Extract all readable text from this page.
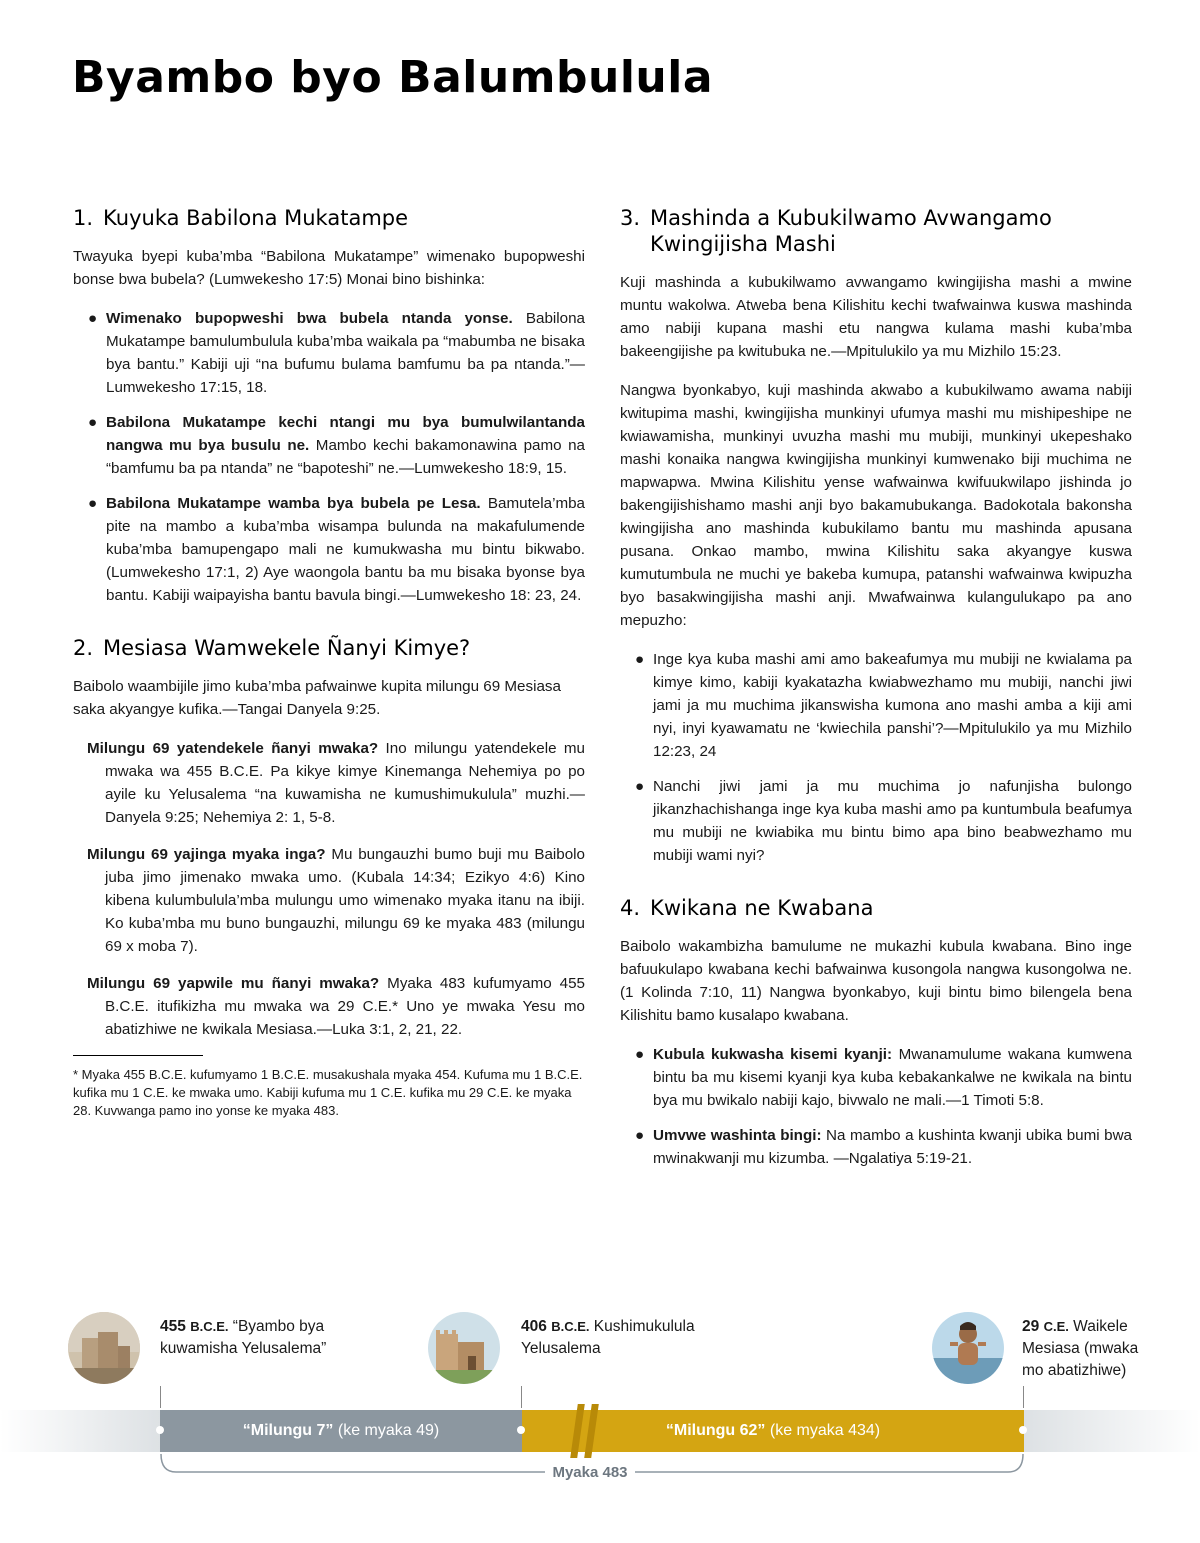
Byambo byo Balumbulula
1. Kuyuka Babilona Mukatampe

Twayuka byepi kuba’mba “Babilona Mukatampe” wimenako bupopweshi bonse bwa bubela? (Lumwekesho 17:5) Monai bino bishinka:

● Wimenako bupopweshi bwa bubela ntanda yonse. Babilona Mukatampe bamulumbulula kuba’mba waikala pa “mabumba ne bisaka bya bantu.” Kabiji uji “na bufumu bulama bamfumu ba pa ntanda.”—Lumwekesho 17:15, 18.
● Babilona Mukatampe kechi ntangi mu bya bumulwilantanda nangwa mu bya busulu ne. Mambo kechi bakamonawina pamo na “bamfumu ba pa ntanda” ne “bapoteshi” ne.—Lumwekesho 18:9, 15.
● Babilona Mukatampe wamba bya bubela pe Lesa. Bamutela’mba pite na mambo a kuba’mba wisampa bulunda na makafulumende kuba’mba bamupengapo mali ne kumukwasha mu bintu bikwabo. (Lumwekesho 17:1, 2) Aye waongola bantu ba mu bisaka byonse bya bantu. Kabiji waipayisha bantu bavula bingi.—Lumwekesho 18: 23, 24.
2. Mesiasa Wamwekele Ñanyi Kimye?

Baibolo waambijile jimo kuba’mba pafwainwe kupita milungu 69 Mesiasa saka akyangye kufika.—Tangai Danyela 9:25.

Milungu 69 yatendekele ñanyi mwaka? Ino milungu yatendekele mu mwaka wa 455 B.C.E. Pa kikye kimye Kinemanga Nehemiya po po ayile ku Yelusalema “na kuwamisha ne kumushimukulula” muzhi.—Danyela 9:25; Nehemiya 2: 1, 5-8.

Milungu 69 yajinga myaka inga? Mu bungauzhi bumo buji mu Baibolo juba jimo jimenako mwaka umo. (Kubala 14:34; Ezikyo 4:6) Kino kibena kulumbulula’mba mulungu umo wimenako myaka itanu na ibiji. Ko kuba’mba mu buno bungauzhi, milungu 69 ke myaka 483 (milungu 69 x moba 7).

Milungu 69 yapwile mu ñanyi mwaka? Myaka 483 kufumyamo 455 B.C.E. itufikizha mu mwaka wa 29 C.E.* Uno ye mwaka Yesu mo abatizhiwe ne kwikala Mesiasa.—Luka 3:1, 2, 21, 22.

* Myaka 455 B.C.E. kufumyamo 1 B.C.E. musakushala myaka 454. Kufuma mu 1 B.C.E. kufika mu 1 C.E. ke mwaka umo. Kabiji kufuma mu 1 C.E. kufika mu 29 C.E. ke myaka 28. Kuvwanga pamo ino yonse ke myaka 483.

3. Mashinda a Kubukilwamo Avwangamo Kwingijisha Mashi

Kuji mashinda a kubukilwamo avwangamo kwingijisha mashi a mwine muntu wakolwa. Atweba bena Kilishitu kechi twafwainwa kuswa mashinda amo nabiji kupana mashi etu nangwa kulama mashi kuba’mba bakeengijishe pa kwitubuka ne.—Mpitulukilo ya mu Mizhilo 15:23.

Nangwa byonkabyo, kuji mashinda akwabo a kubukilwamo awama nabiji kwitupima mashi, kwingijisha munkinyi ufumya mashi mu mishipeshipe ne kwiawamisha, munkinyi uvuzha mashi mu mubiji, munkinyi ukepeshako mashi konaika nangwa kwingijisha munkinyi kumwenako biji muchima ne mapwapwa. Mwina Kilishitu yense wafwainwa kwifuukwilapo jishinda jo bakengijishishamo mashi anji byo bakamubukanga. Badokotala bakonsha kwingijisha ano mashinda kubukilamo bantu mu mashinda apusana pusana. Onkao mambo, mwina Kilishitu saka akyangye kuswa kumutumbula ne muchi ye bakeba kumupa, patanshi wafwainwa kwipuzha byo basakwingijisha mashi anji. Mwafwainwa kulangulukapo pa ano mepuzho:

● Inge kya kuba mashi ami amo bakeafumya mu mubiji ne kwialama pa kimye kimo, kabiji kyakatazha kwiabwezhamo mu mubiji, nanchi jiwi jami ja mu muchima jikanswisha kumona ano mashi amba a kiji ami nyi, inyi kyawamatu ne ‘kwiechila panshi’?—Mpitulukilo ya mu Mizhilo 12:23, 24
● Nanchi jiwi jami ja mu muchima jo nafunjisha bulongo jikanzhachishanga inge kya kuba mashi amo pa kuntumbula beafumya mu mubiji ne kwiabika mu bintu bimo apa bino beabwezhamo mu mubiji wami nyi?
4. Kwikana ne Kwabana

Baibolo wakambizha bamulume ne mukazhi kubula kwabana. Bino inge bafuukulapo kwabana kechi bafwainwa kusongola nangwa kusongolwa ne. (1 Kolinda 7:10, 11) Nangwa byonkabyo, kuji bintu bimo bilengela bena Kilishitu bamo kusalapo kwabana.

● Kubula kukwasha kisemi kyanji: Mwanamulume wakana kumwena bintu ba mu kisemi kyanji kya kuba kebakankalwe ne kwikala na bintu bya mu bwikalo nabiji kajo, bivwalo ne mali.—1 Timoti 5:8.
● Umvwe washinta bingi: Na mambo a kushinta kwanji ubika bumi bwa mwinakwanji mu kizumba. —Ngalatiya 5:19-21.
455 B.C.E. “Byambo bya kuwamisha Yelusalema”
406 B.C.E. Kushimukulula Yelusalema
29 C.E. Waikele Mesiasa (mwaka mo abatizhiwe)
“Milungu 7” (ke myaka 49)	“Milungu 62” (ke myaka 434)
Myaka 483
